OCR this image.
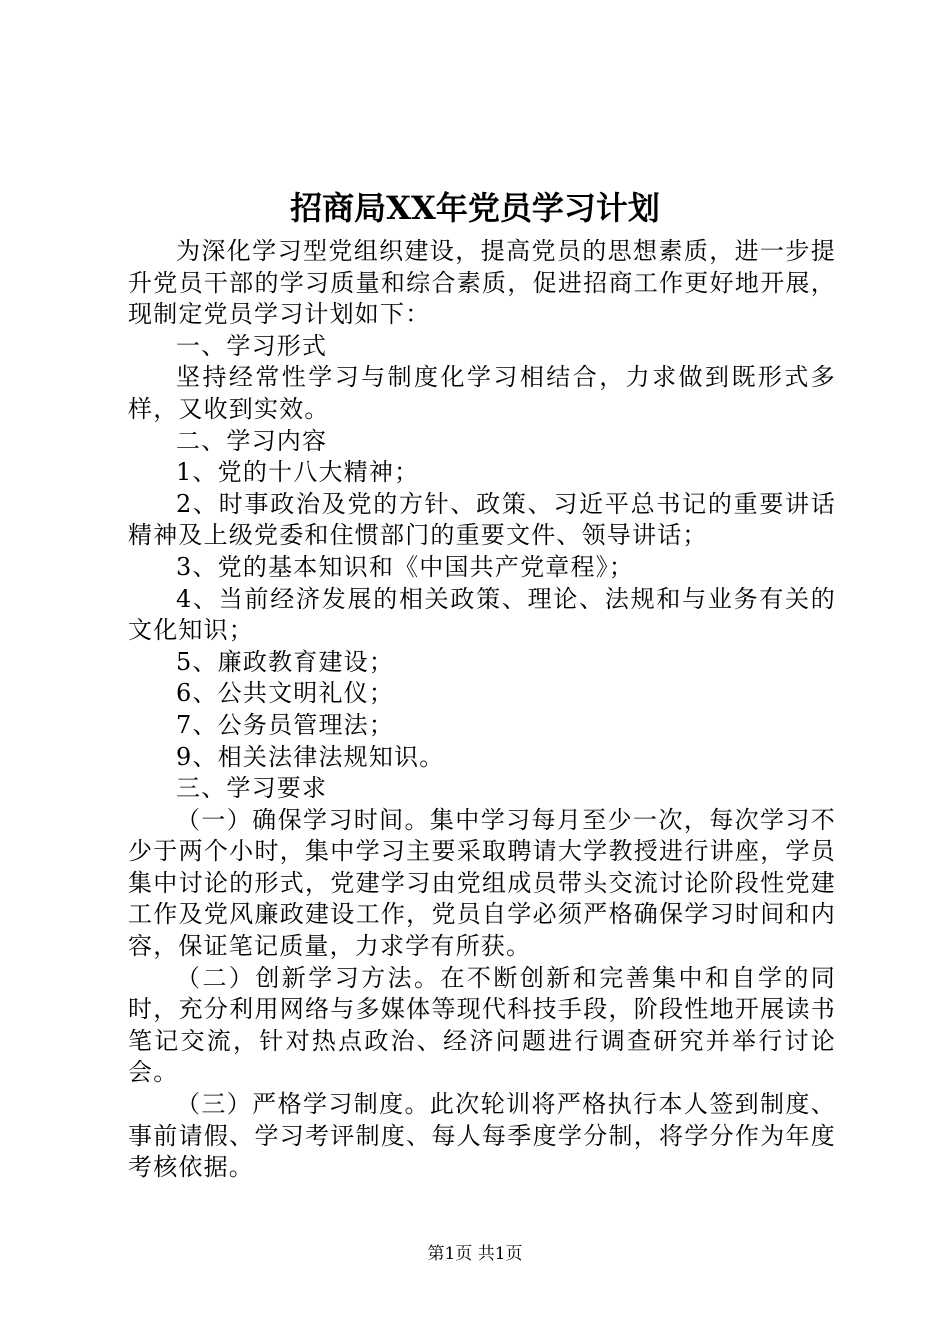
招商局XX年党员学习计划

为深化学习型党组织建设，提高党员的思想素质，进一步提升党员干部的学习质量和综合素质，促进招商工作更好地开展，现制定党员学习计划如下：

一、学习形式

坚持经常性学习与制度化学习相结合，力求做到既形式多样，又收到实效。

二、学习内容

1、党的十八大精神；

2、时事政治及党的方针、政策、习近平总书记的重要讲话精神及上级党委和住惯部门的重要文件、领导讲话；

3、党的基本知识和《中国共产党章程》；

4、当前经济发展的相关政策、理论、法规和与业务有关的文化知识；

5、廉政教育建设；

6、公共文明礼仪；

7、公务员管理法；

9、相关法律法规知识。

三、学习要求

（一）确保学习时间。集中学习每月至少一次，每次学习不少于两个小时，集中学习主要采取聘请大学教授进行讲座，学员集中讨论的形式，党建学习由党组成员带头交流讨论阶段性党建工作及党风廉政建设工作，党员自学必须严格确保学习时间和内容，保证笔记质量，力求学有所获。

（二）创新学习方法。在不断创新和完善集中和自学的同时，充分利用网络与多媒体等现代科技手段，阶段性地开展读书笔记交流，针对热点政治、经济问题进行调查研究并举行讨论会。

（三）严格学习制度。此次轮训将严格执行本人签到制度、事前请假、学习考评制度、每人每季度学分制，将学分作为年度考核依据。

第1页 共1页
